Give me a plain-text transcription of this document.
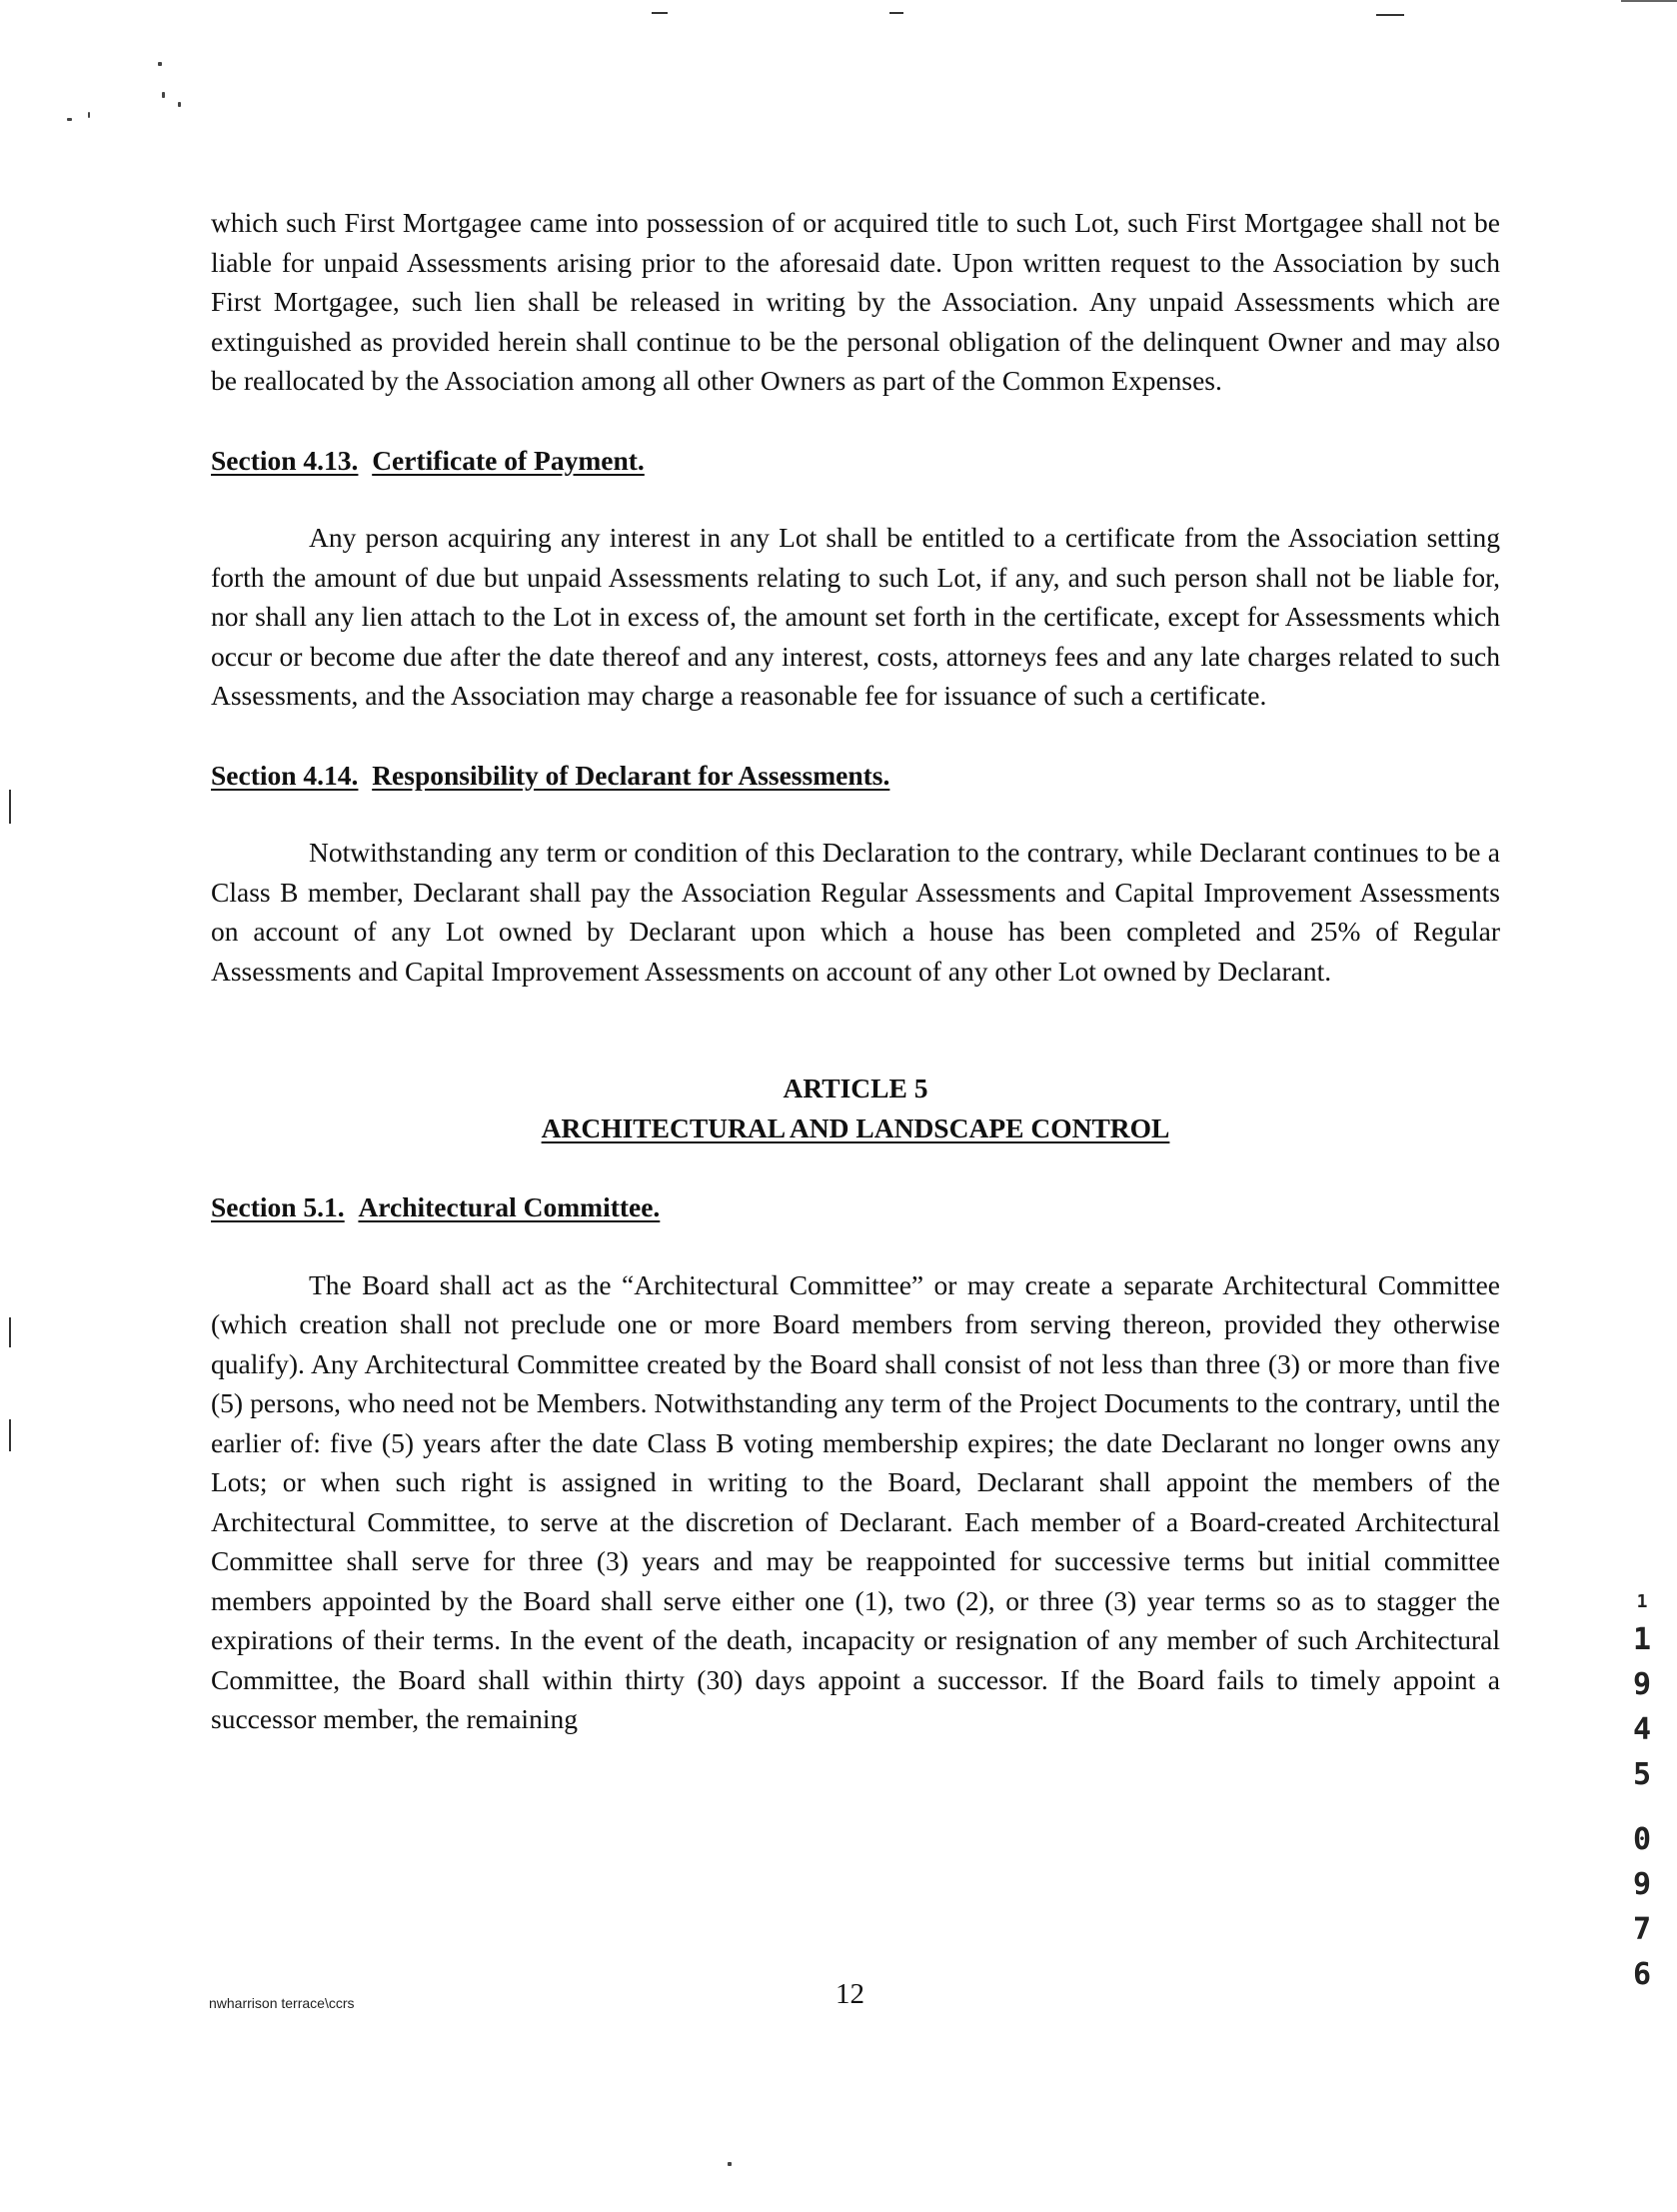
which such First Mortgagee came into possession of or acquired title to such Lot, such First Mortgagee shall not be liable for unpaid Assessments arising prior to the aforesaid date. Upon written request to the Association by such First Mortgagee, such lien shall be released in writing by the Association. Any unpaid Assessments which are extinguished as provided herein shall continue to be the personal obligation of the delinquent Owner and may also be reallocated by the Association among all other Owners as part of the Common Expenses.

Section 4.13. Certificate of Payment.

Any person acquiring any interest in any Lot shall be entitled to a certificate from the Association setting forth the amount of due but unpaid Assessments relating to such Lot, if any, and such person shall not be liable for, nor shall any lien attach to the Lot in excess of, the amount set forth in the certificate, except for Assessments which occur or become due after the date thereof and any interest, costs, attorneys fees and any late charges related to such Assessments, and the Association may charge a reasonable fee for issuance of such a certificate.

Section 4.14. Responsibility of Declarant for Assessments.

Notwithstanding any term or condition of this Declaration to the contrary, while Declarant continues to be a Class B member, Declarant shall pay the Association Regular Assessments and Capital Improvement Assessments on account of any Lot owned by Declarant upon which a house has been completed and 25% of Regular Assessments and Capital Improvement Assessments on account of any other Lot owned by Declarant.

ARTICLE 5
ARCHITECTURAL AND LANDSCAPE CONTROL

Section 5.1. Architectural Committee.

The Board shall act as the “Architectural Committee” or may create a separate Architectural Committee (which creation shall not preclude one or more Board members from serving thereon, provided they otherwise qualify). Any Architectural Committee created by the Board shall consist of not less than three (3) or more than five (5) persons, who need not be Members. Notwithstanding any term of the Project Documents to the contrary, until the earlier of: five (5) years after the date Class B voting membership expires; the date Declarant no longer owns any Lots; or when such right is assigned in writing to the Board, Declarant shall appoint the members of the Architectural Committee, to serve at the discretion of Declarant. Each member of a Board-created Architectural Committee shall serve for three (3) years and may be reappointed for successive terms but initial committee members appointed by the Board shall serve either one (1), two (2), or three (3) year terms so as to stagger the expirations of their terms. In the event of the death, incapacity or resignation of any member of such Architectural Committee, the Board shall within thirty (30) days appoint a successor. If the Board fails to timely appoint a successor member, the remaining

nwharrison terrace\ccrs	12
1
1
9
4
5
0
9
7
6
